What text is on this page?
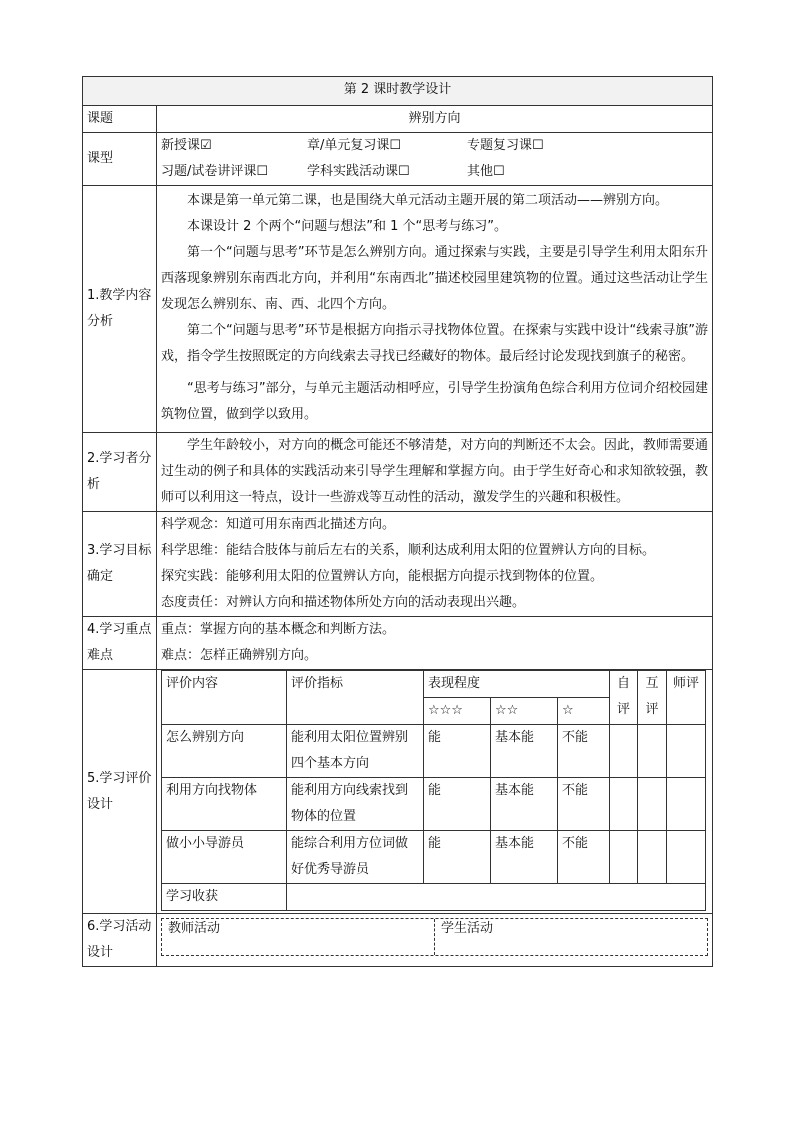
第 2 课时教学设计
课题	辨别方向
课型	
新授课☑	章/单元复习课☐	专题复习课☐
习题/试卷讲评课☐	学科实践活动课☐	其他☐

1.教学内容分析	

本课是第一单元第二课，也是围绕大单元活动主题开展的第二项活动——辨别方向。

本课设计 2 个两个“问题与想法”和 1 个“思考与练习”。

第一个“问题与思考”环节是怎么辨别方向。通过探索与实践，主要是引导学生利用太阳东升西落现象辨别东南西北方向，并利用“东南西北”描述校园里建筑物的位置。通过这些活动让学生发现怎么辨别东、南、西、北四个方向。

第二个“问题与思考”环节是根据方向指示寻找物体位置。在探索与实践中设计“线索寻旗”游戏，指令学生按照既定的方向线索去寻找已经藏好的物体。最后经讨论发现找到旗子的秘密。

“思考与练习”部分，与单元主题活动相呼应，引导学生扮演角色综合利用方位词介绍校园建筑物位置，做到学以致用。

2.学习者分析	

学生年龄较小，对方向的概念可能还不够清楚，对方向的判断还不太会。因此，教师需要通过生动的例子和具体的实践活动来引导学生理解和掌握方向。由于学生好奇心和求知欲较强，教师可以利用这一特点，设计一些游戏等互动性的活动，激发学生的兴趣和积极性。

3.学习目标确定	

科学观念：知道可用东南西北描述方向。

科学思维：能结合肢体与前后左右的关系，顺利达成利用太阳的位置辨认方向的目标。

探究实践：能够利用太阳的位置辨认方向，能根据方向提示找到物体的位置。

态度责任：对辨认方向和描述物体所处方向的活动表现出兴趣。

4.学习重点难点	

重点：掌握方向的基本概念和判断方法。

难点：怎样正确辨别方向。

5.学习评价设计	
评价内容	评价指标	表现程度	自评	互评	师评
☆☆☆	☆☆	☆
怎么辨别方向	能利用太阳位置辨别四个基本方向	能	基本能	不能			
利用方向找物体	能利用方向线索找到物体的位置	能	基本能	不能			
做小小导游员	能综合利用方位词做好优秀导游员	能	基本能	不能			
学习收获	

6.学习活动设计	
教师活动	学生活动
